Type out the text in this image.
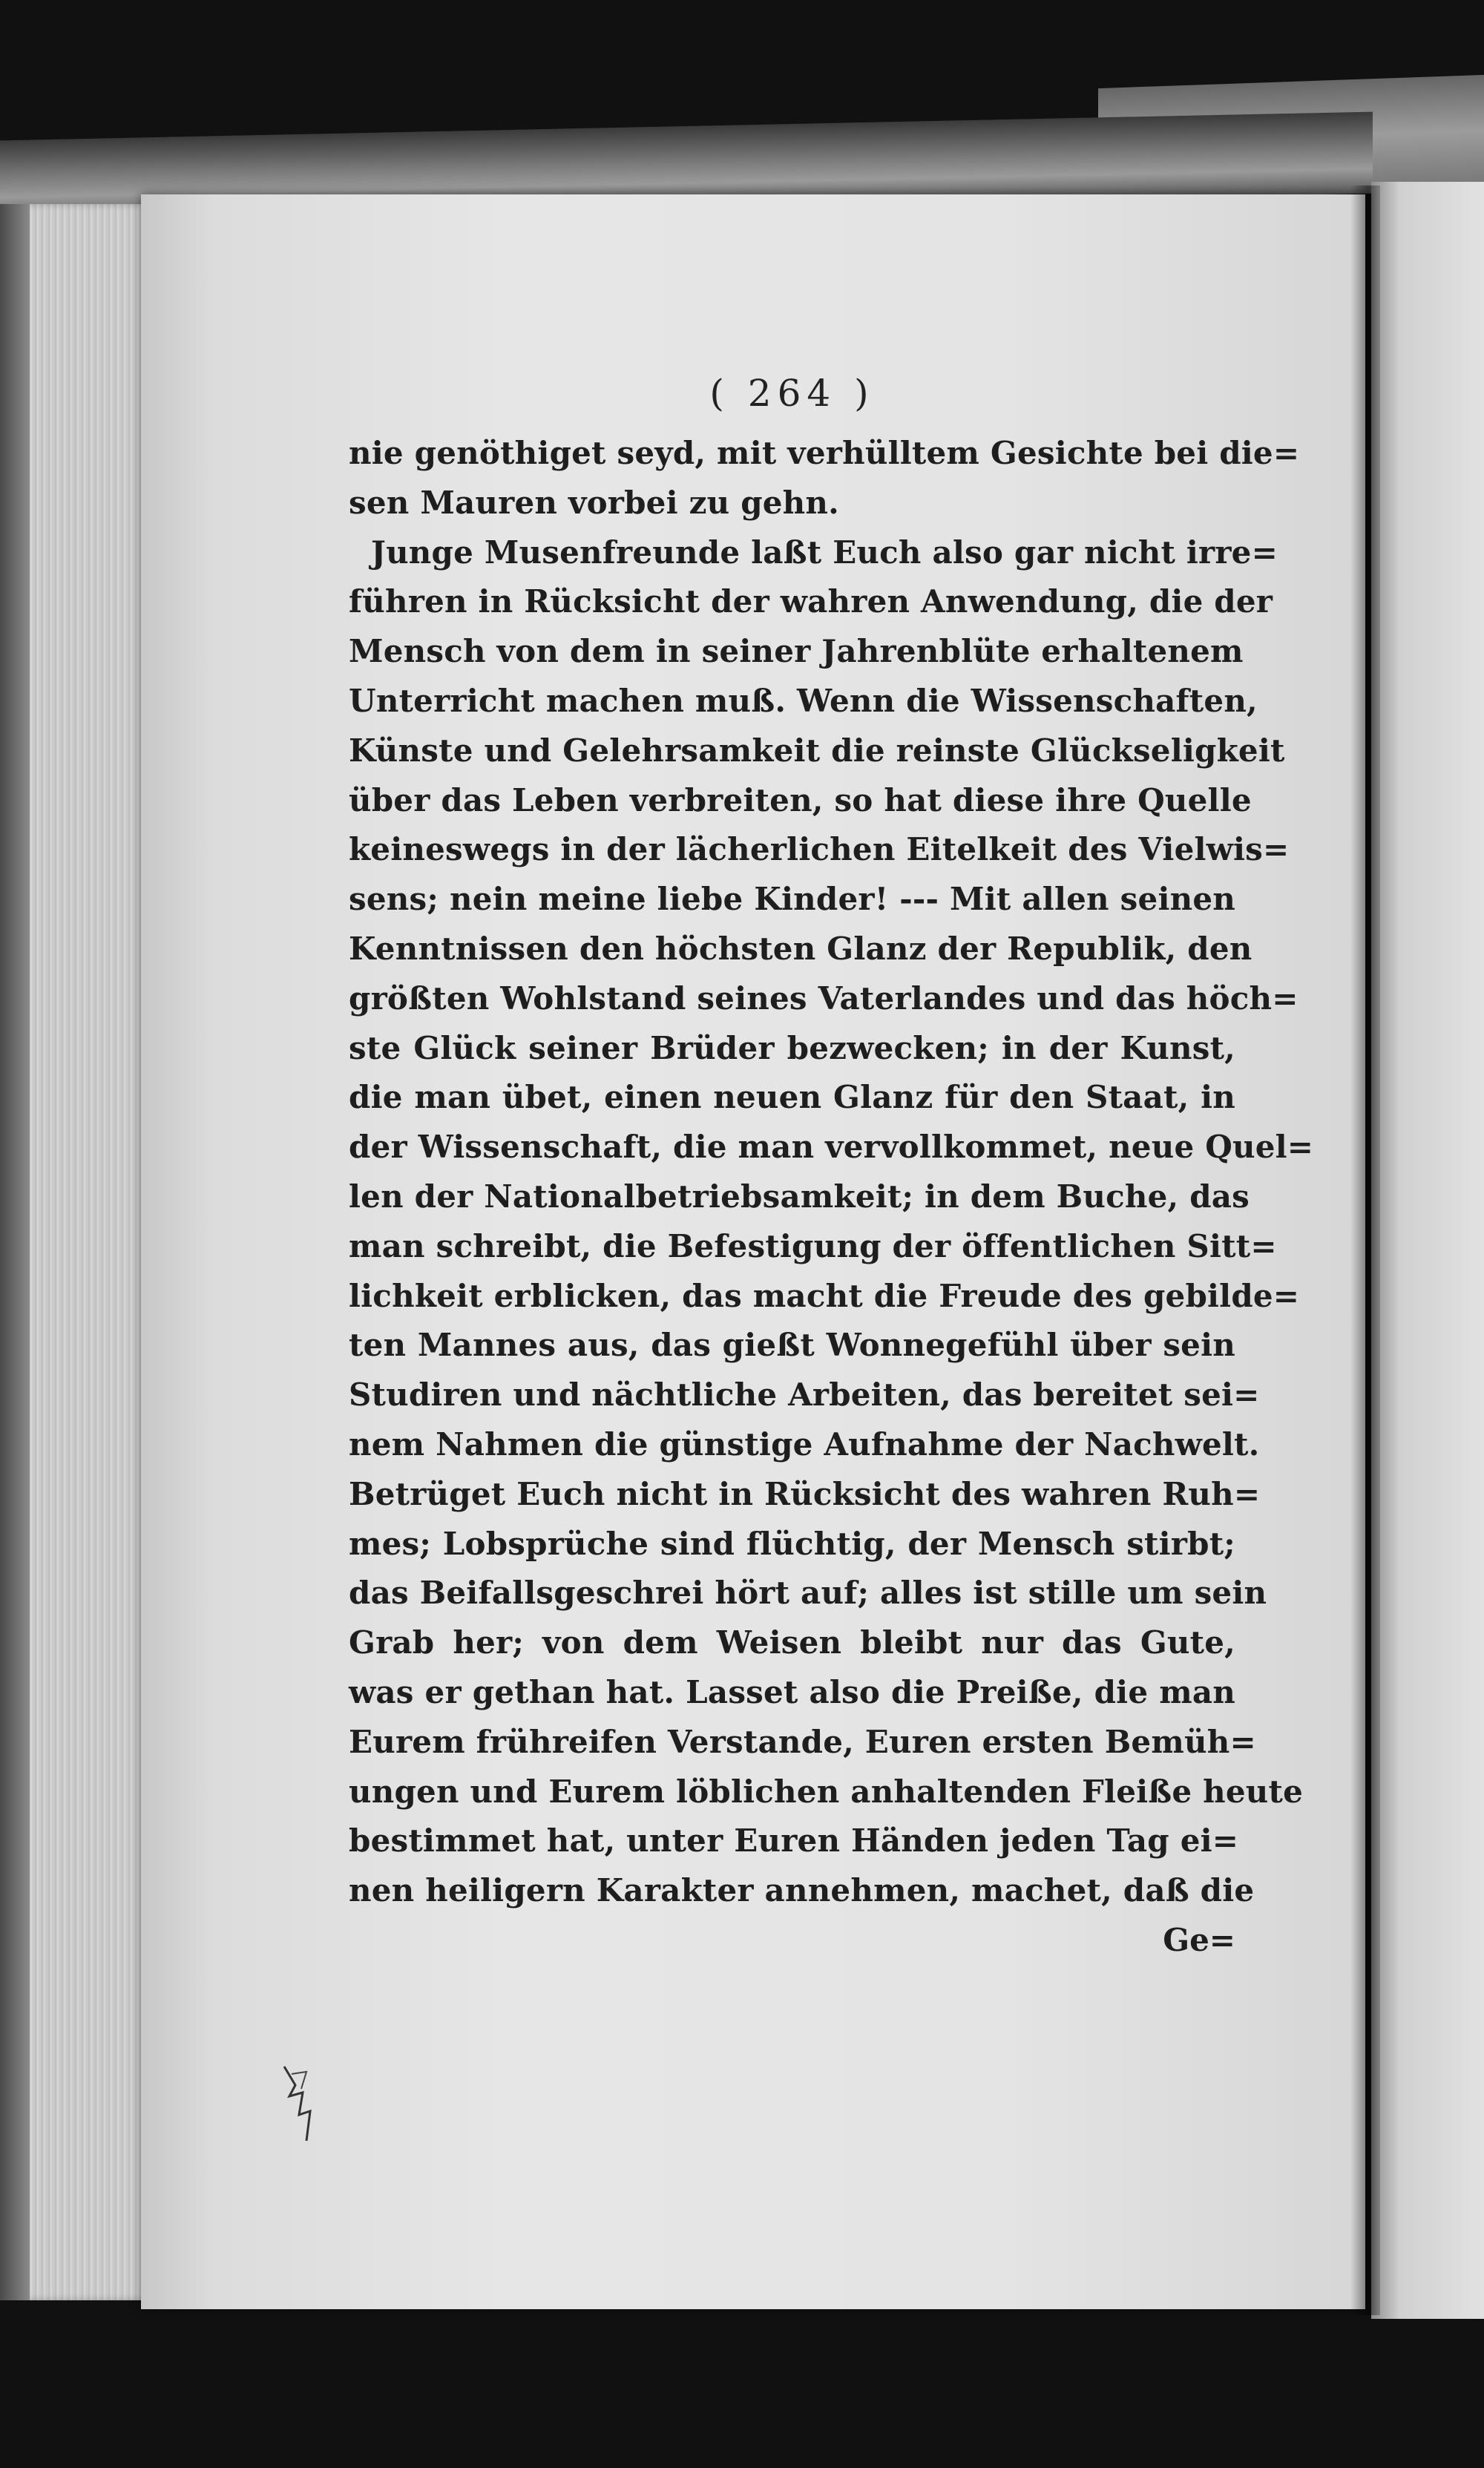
( 264 )
nie genöthiget seyd, mit verhülltem Gesichte bei die=
sen Mauren vorbei zu gehn.
Junge Musenfreunde laßt Euch also gar nicht irre=
führen in Rücksicht der wahren Anwendung, die der
Mensch von dem in seiner Jahrenblüte erhaltenem
Unterricht machen muß. Wenn die Wissenschaften,
Künste und Gelehrsamkeit die reinste Glückseligkeit
über das Leben verbreiten, so hat diese ihre Quelle
keineswegs in der lächerlichen Eitelkeit des Vielwis=
sens; nein meine liebe Kinder! --- Mit allen seinen
Kenntnissen den höchsten Glanz der Republik, den
größten Wohlstand seines Vaterlandes und das höch=
ste Glück seiner Brüder bezwecken; in der Kunst,
die man übet, einen neuen Glanz für den Staat, in
der Wissenschaft, die man vervollkommet, neue Quel=
len der Nationalbetriebsamkeit; in dem Buche, das
man schreibt, die Befestigung der öffentlichen Sitt=
lichkeit erblicken, das macht die Freude des gebilde=
ten Mannes aus, das gießt Wonnegefühl über sein
Studiren und nächtliche Arbeiten, das bereitet sei=
nem Nahmen die günstige Aufnahme der Nachwelt.
Betrüget Euch nicht in Rücksicht des wahren Ruh=
mes; Lobsprüche sind flüchtig, der Mensch stirbt;
das Beifallsgeschrei hört auf; alles ist stille um sein
Grab her; von dem Weisen bleibt nur das Gute,
was er gethan hat. Lasset also die Preiße, die man
Eurem frühreifen Verstande, Euren ersten Bemüh=
ungen und Eurem löblichen anhaltenden Fleiße heute
bestimmet hat, unter Euren Händen jeden Tag ei=
nen heiligern Karakter annehmen, machet, daß die
Ge=
